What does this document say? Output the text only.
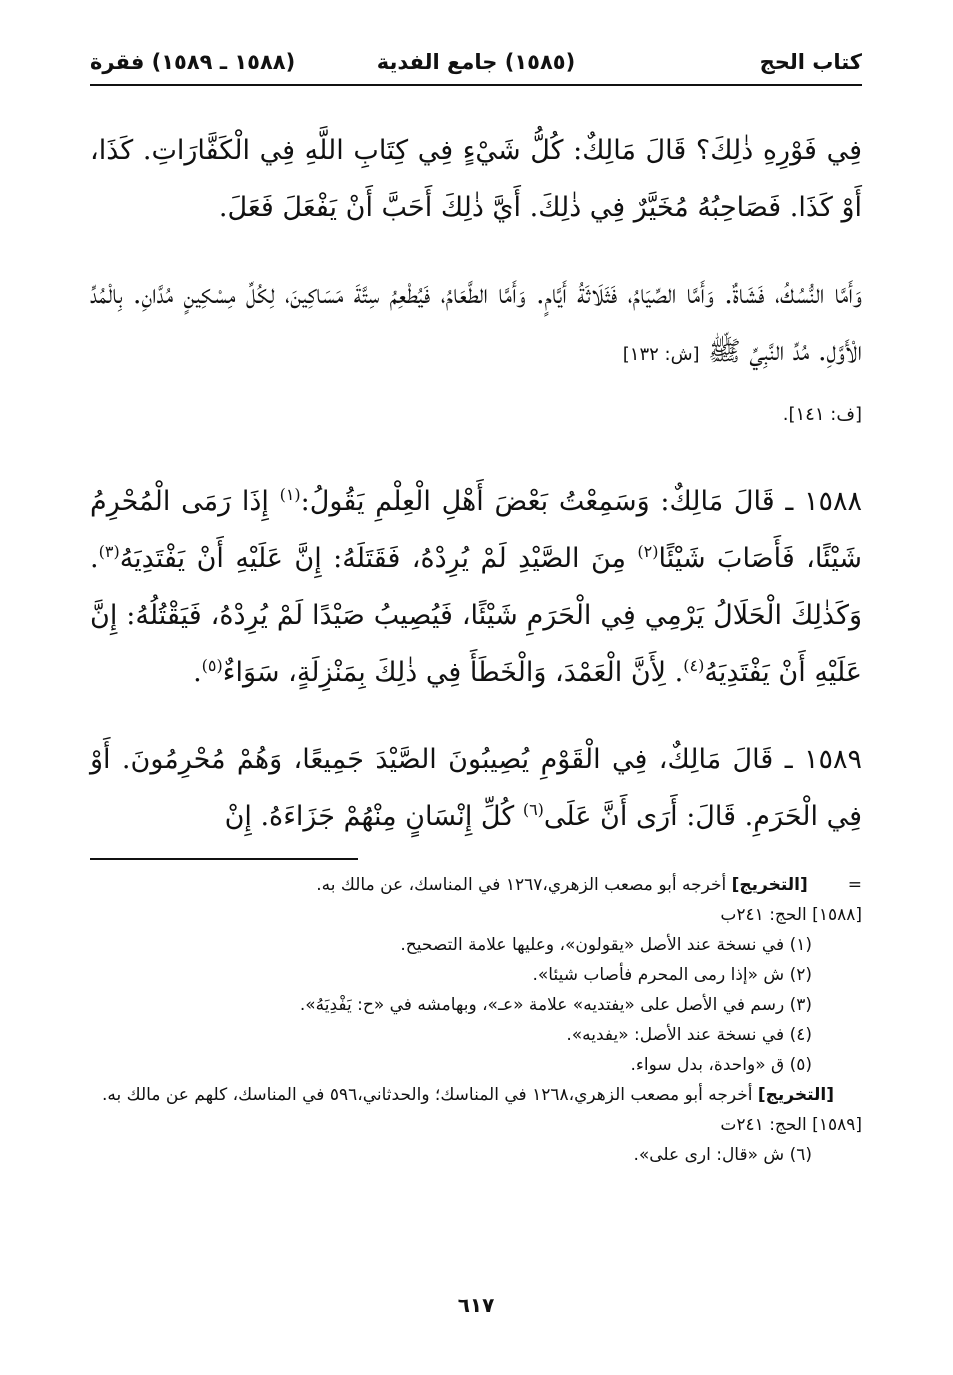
كتاب الحج
(١٥٨٥) جامع الفدية
(١٥٨٨ ـ ١٥٨٩) فقرة

فِي فَوْرِهِ ذٰلِكَ؟ قَالَ مَالِكٌ: كُلُّ شَيْءٍ فِي كِتَابِ اللَّهِ فِي الْكَفَّارَاتِ. كَذَا، أَوْ كَذَا. فَصَاحِبُهُ مُخَيَّرٌ فِي ذٰلِكَ. أَيَّ ذٰلِكَ أَحَبَّ أَنْ يَفْعَلَ فَعَلَ.

وَأَمَّا النُّسُكُ، فَشَاةٌ. وَأَمَّا الصِّيَامُ، فَثَلَاثَةُ أَيَّامٍ. وَأَمَّا الطَّعَامُ، فَيُطْعِمُ سِتَّةَ مَسَاكِينَ، لِكُلِّ مِسْكِينٍ مُدَّانِ. بِالْمُدِّ الْأَوَّلِ. مُدِّ النَّبِيِّ ﷺ [ش: ١٣٢]
[ف: ١٤١].

١٥٨٨ ـ قَالَ مَالِكٌ: وَسَمِعْتُ بَعْضَ أَهْلِ الْعِلْمِ يَقُولُ:$^{(١)}$ إِذَا رَمَى الْمُحْرِمُ شَيْئًا، فَأَصَابَ شَيْئًا$^{(٢)}$ مِنَ الصَّيْدِ لَمْ يُرِدْهُ، فَقَتَلَهُ: إِنَّ عَلَيْهِ أَنْ يَفْتَدِيَهُ$^{(٣)}$. وَكَذٰلِكَ الْحَلَالُ يَرْمِي فِي الْحَرَمِ شَيْئًا، فَيُصِيبُ صَيْدًا لَمْ يُرِدْهُ، فَيَقْتُلُهُ: إِنَّ عَلَيْهِ أَنْ يَفْتَدِيَهُ$^{(٤)}$. لِأَنَّ الْعَمْدَ، وَالْخَطَأَ فِي ذٰلِكَ بِمَنْزِلَةٍ، سَوَاءٌ$^{(٥)}$.

١٥٨٩ ـ قَالَ مَالِكٌ، فِي الْقَوْمِ يُصِيبُونَ الصَّيْدَ جَمِيعًا، وَهُمْ مُحْرِمُونَ. أَوْ فِي الْحَرَمِ. قَالَ: أَرَى أَنَّ عَلَى$^{(٦)}$ كُلِّ إِنْسَانٍ مِنْهُمْ جَزَاءَهُ. إِنْ

=[التخريج] أخرجه أبو مصعب الزهري،١٢٦٧ في المناسك، عن مالك به.
[١٥٨٨] الحج: ٢٤١ب
(١) في نسخة عند الأصل «يقولون»، وعليها علامة التصحيح.
(٢) ش «إذا رمى المحرم فأصاب شيئا».
(٣) رسم في الأصل على «يفتديه» علامة «عـ»، وبهامشه في «ح: يَفْدِيَهُ».
(٤) في نسخة عند الأصل: «يفديه».
(٥) ق «واحدة، بدل سواء.
[التخريج] أخرجه أبو مصعب الزهري،١٢٦٨ في المناسك؛ والحدثاني،٥٩٦ في المناسك، كلهم عن مالك به.
[١٥٨٩] الحج: ٢٤١ت
(٦) ش «قال: ارى على».
٦١٧
